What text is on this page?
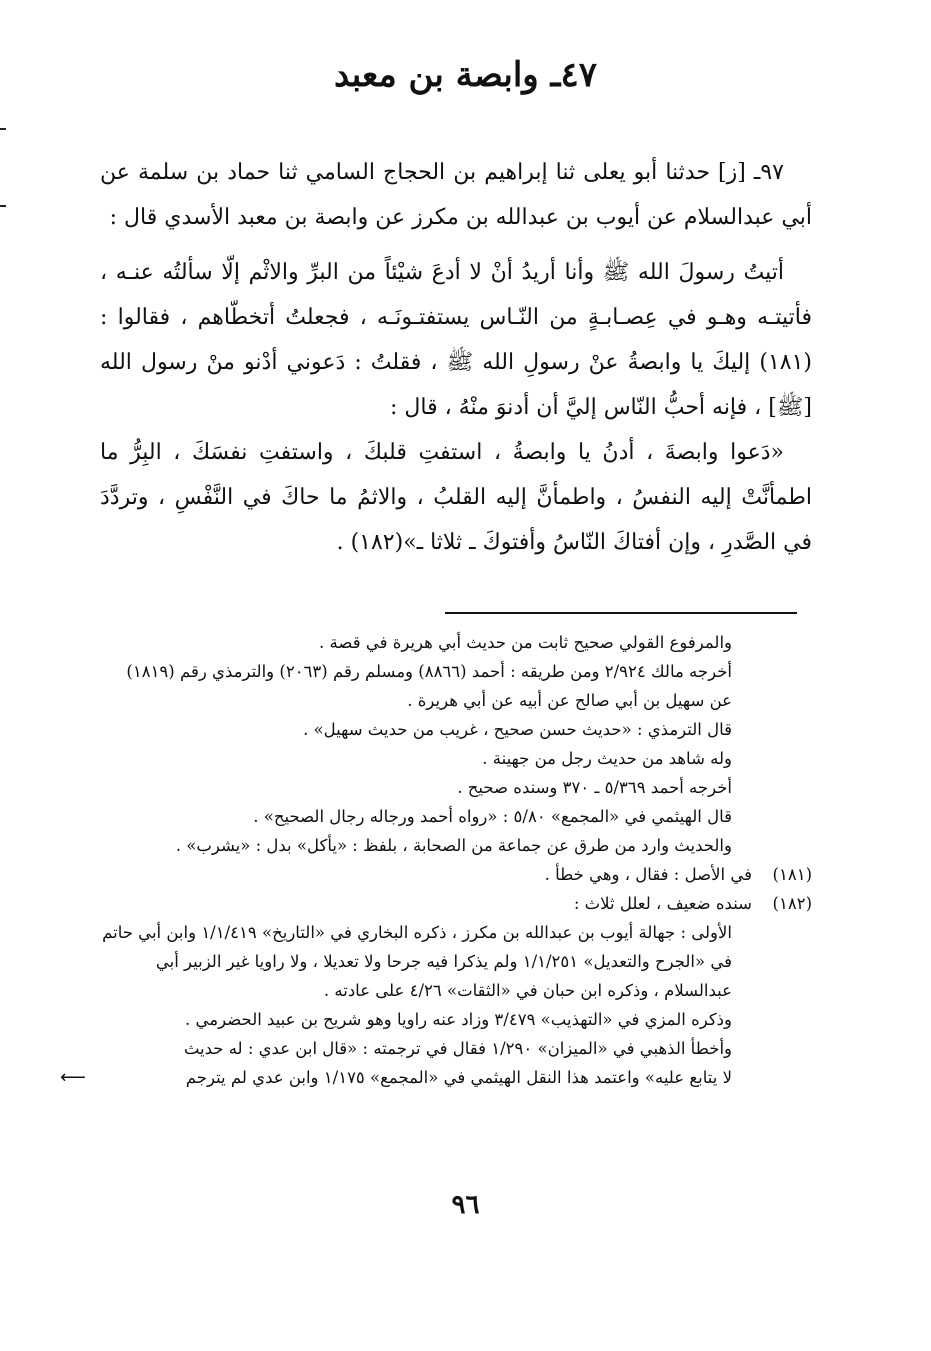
٤٧ـ وابصة بن معبد

٩٧ـ [ز] حدثنا أبو يعلى ثنا إبراهيم بن الحجاج السامي ثنا حماد بن سلمة عن أبي عبدالسلام عن أيوب بن عبدالله بن مكرز عن وابصة بن معبد الأسدي قال :

أتيتُ رسولَ الله ﷺ وأنا أريدُ أنْ لا أدعَ شيْئاً من البرِّ والاثْم إلّا سألتُه عنـه ، فأتيتـه وهـو في عِصـابـةٍ من النّـاس يستفتـونَـه ، فجعلتُ أتخطّاهم ، فقالوا : (١٨١) إليكَ يا وابصةُ عنْ رسولِ الله ﷺ ، فقلتُ : دَعوني أدْنو منْ رسول الله [ﷺ] ، فإنه أحبُّ النّاس إليَّ أن أدنوَ منْهُ ، قال :

«دَعوا وابصةَ ، أدنُ يا وابصةُ ، استفتِ قلبكَ ، واستفتِ نفسَكَ ، البِرُّ ما اطمأنَّتْ إليه النفسُ ، واطمأنَّ إليه القلبُ ، والاثمُ ما حاكَ في النَّفْسِ ، وتردَّدَ في الصَّدرِ ، وإن أفتاكَ النّاسُ وأفتوكَ ـ ثلاثا ـ»(١٨٢) .

والمرفوع القولي صحيح ثابت من حديث أبي هريرة في قصة .

أخرجه مالك ٢/٩٢٤ ومن طريقه : أحمد (٨٨٦٦) ومسلم رقم (٢٠٦٣) والترمذي رقم (١٨١٩) عن سهيل بن أبي صالح عن أبيه عن أبي هريرة .

قال الترمذي : «حديث حسن صحيح ، غريب من حديث سهيل» .

وله شاهد من حديث رجل من جهينة .

أخرجه أحمد ٥/٣٦٩ ـ ٣٧٠ وسنده صحيح .

قال الهيثمي في «المجمع» ٥/٨٠ : «رواه أحمد ورجاله رجال الصحيح» .

والحديث وارد من طرق عن جماعة من الصحابة ، بلفظ : «يأكل» بدل : «يشرب» .

(١٨١)
في الأصل : فقال ، وهي خطأ .
(١٨٢)
سنده ضعيف ، لعلل ثلاث :

الأولى : جهالة أيوب بن عبدالله بن مكرز ، ذكره البخاري في «التاريخ» ١/١/٤١٩ وابن أبي حاتم في «الجرح والتعديل» ١/١/٢٥١ ولم يذكرا فيه جرحا ولا تعديلا ، ولا راويا غير الزبير أبي عبدالسلام ، وذكره ابن حبان في «الثقات» ٤/٢٦ على عادته .

وذكره المزي في «التهذيب» ٣/٤٧٩ وزاد عنه راويا وهو شريح بن عبيد الحضرمي .

وأخطأ الذهبي في «الميزان» ١/٢٩٠ فقال في ترجمته : «قال ابن عدي : له حديث

لا يتابع عليه» واعتمد هذا النقل الهيثمي في «المجمع» ١/١٧٥ وابن عدي لم يترجم
⟵

٩٦
